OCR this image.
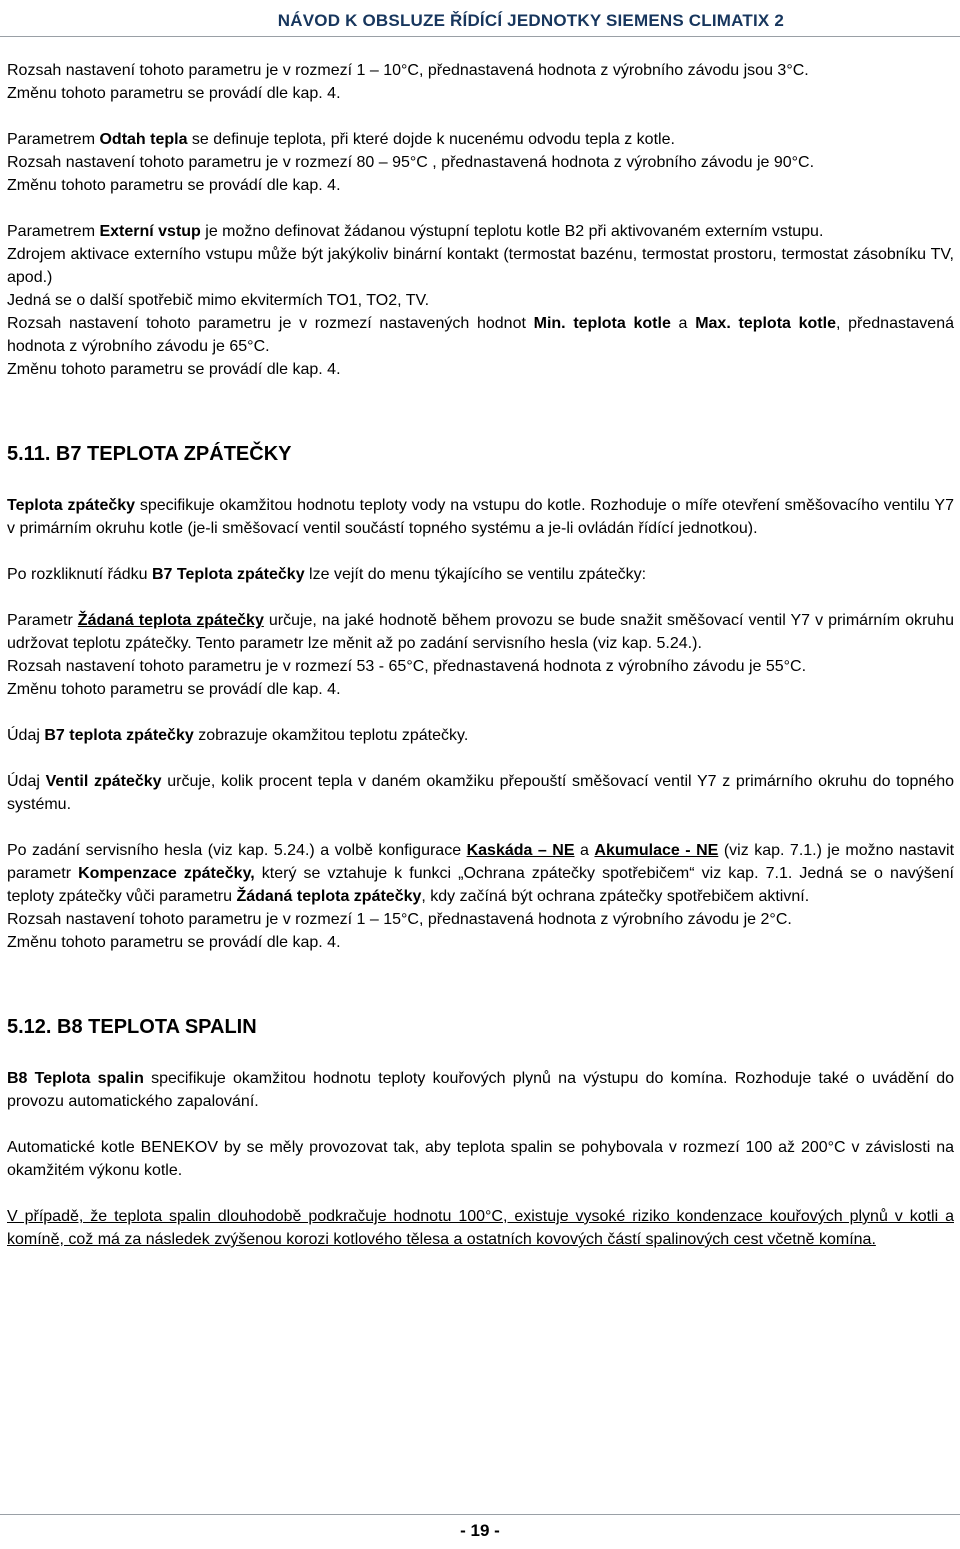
NÁVOD K OBSLUZE ŘÍDÍCÍ JEDNOTKY SIEMENS CLIMATIX 2

Rozsah nastavení tohoto parametru je v rozmezí 1 – 10°C, přednastavená hodnota z výrobního závodu jsou 3°C.

Změnu tohoto parametru se provádí dle kap. 4.

Parametrem Odtah tepla se definuje teplota, při které dojde k nucenému odvodu tepla z kotle.

Rozsah nastavení tohoto parametru je v rozmezí 80 – 95°C , přednastavená hodnota z výrobního závodu je 90°C.

Změnu tohoto parametru se provádí dle kap. 4.

Parametrem Externí vstup je možno definovat žádanou výstupní teplotu kotle B2 při aktivovaném externím vstupu.

Zdrojem aktivace externího vstupu může být jakýkoliv binární kontakt (termostat bazénu, termostat prostoru, termostat zásobníku TV, apod.)

Jedná se o další spotřebič mimo ekvitermích TO1, TO2, TV.

Rozsah nastavení tohoto parametru je v rozmezí nastavených hodnot Min. teplota kotle a Max. teplota kotle, přednastavená hodnota z výrobního závodu je 65°C.

Změnu tohoto parametru se provádí dle kap. 4.

5.11. B7 TEPLOTA ZPÁTEČKY

Teplota zpátečky specifikuje okamžitou hodnotu teploty vody na vstupu do kotle. Rozhoduje o míře otevření směšovacího ventilu Y7 v primárním okruhu kotle (je-li směšovací ventil součástí topného systému a je-li ovládán řídící jednotkou).

Po rozkliknutí řádku B7 Teplota zpátečky lze vejít do menu týkajícího se ventilu zpátečky:

Parametr Žádaná teplota zpátečky určuje, na jaké hodnotě během provozu se bude snažit směšovací ventil Y7 v primárním okruhu udržovat teplotu zpátečky. Tento parametr lze měnit až po zadání servisního hesla (viz kap. 5.24.).

Rozsah nastavení tohoto parametru je v rozmezí 53 - 65°C, přednastavená hodnota z výrobního závodu je 55°C.

Změnu tohoto parametru se provádí dle kap. 4.

Údaj B7 teplota zpátečky zobrazuje okamžitou teplotu zpátečky.

Údaj Ventil zpátečky určuje, kolik procent tepla v daném okamžiku přepouští směšovací ventil Y7 z primárního okruhu do topného systému.

Po zadání servisního hesla (viz kap. 5.24.) a volbě konfigurace Kaskáda – NE a Akumulace - NE (viz kap. 7.1.) je možno nastavit parametr Kompenzace zpátečky, který se vztahuje k funkci „Ochrana zpátečky spotřebičem“ viz kap. 7.1. Jedná se o navýšení teploty zpátečky vůči parametru Žádaná teplota zpátečky, kdy začíná být ochrana zpátečky spotřebičem aktivní.

Rozsah nastavení tohoto parametru je v rozmezí 1 – 15°C, přednastavená hodnota z výrobního závodu je 2°C.

Změnu tohoto parametru se provádí dle kap. 4.

5.12. B8 TEPLOTA SPALIN

B8 Teplota spalin specifikuje okamžitou hodnotu teploty kouřových plynů na výstupu do komína. Rozhoduje také o uvádění do provozu automatického zapalování.

Automatické kotle BENEKOV by se měly provozovat tak, aby teplota spalin se pohybovala v rozmezí 100 až 200°C v závislosti na okamžitém výkonu kotle.

V případě, že teplota spalin dlouhodobě podkračuje hodnotu 100°C, existuje vysoké riziko kondenzace kouřových plynů v kotli a komíně, což má za následek zvýšenou korozi kotlového tělesa a ostatních kovových částí spalinových cest včetně komína.

- 19 -
